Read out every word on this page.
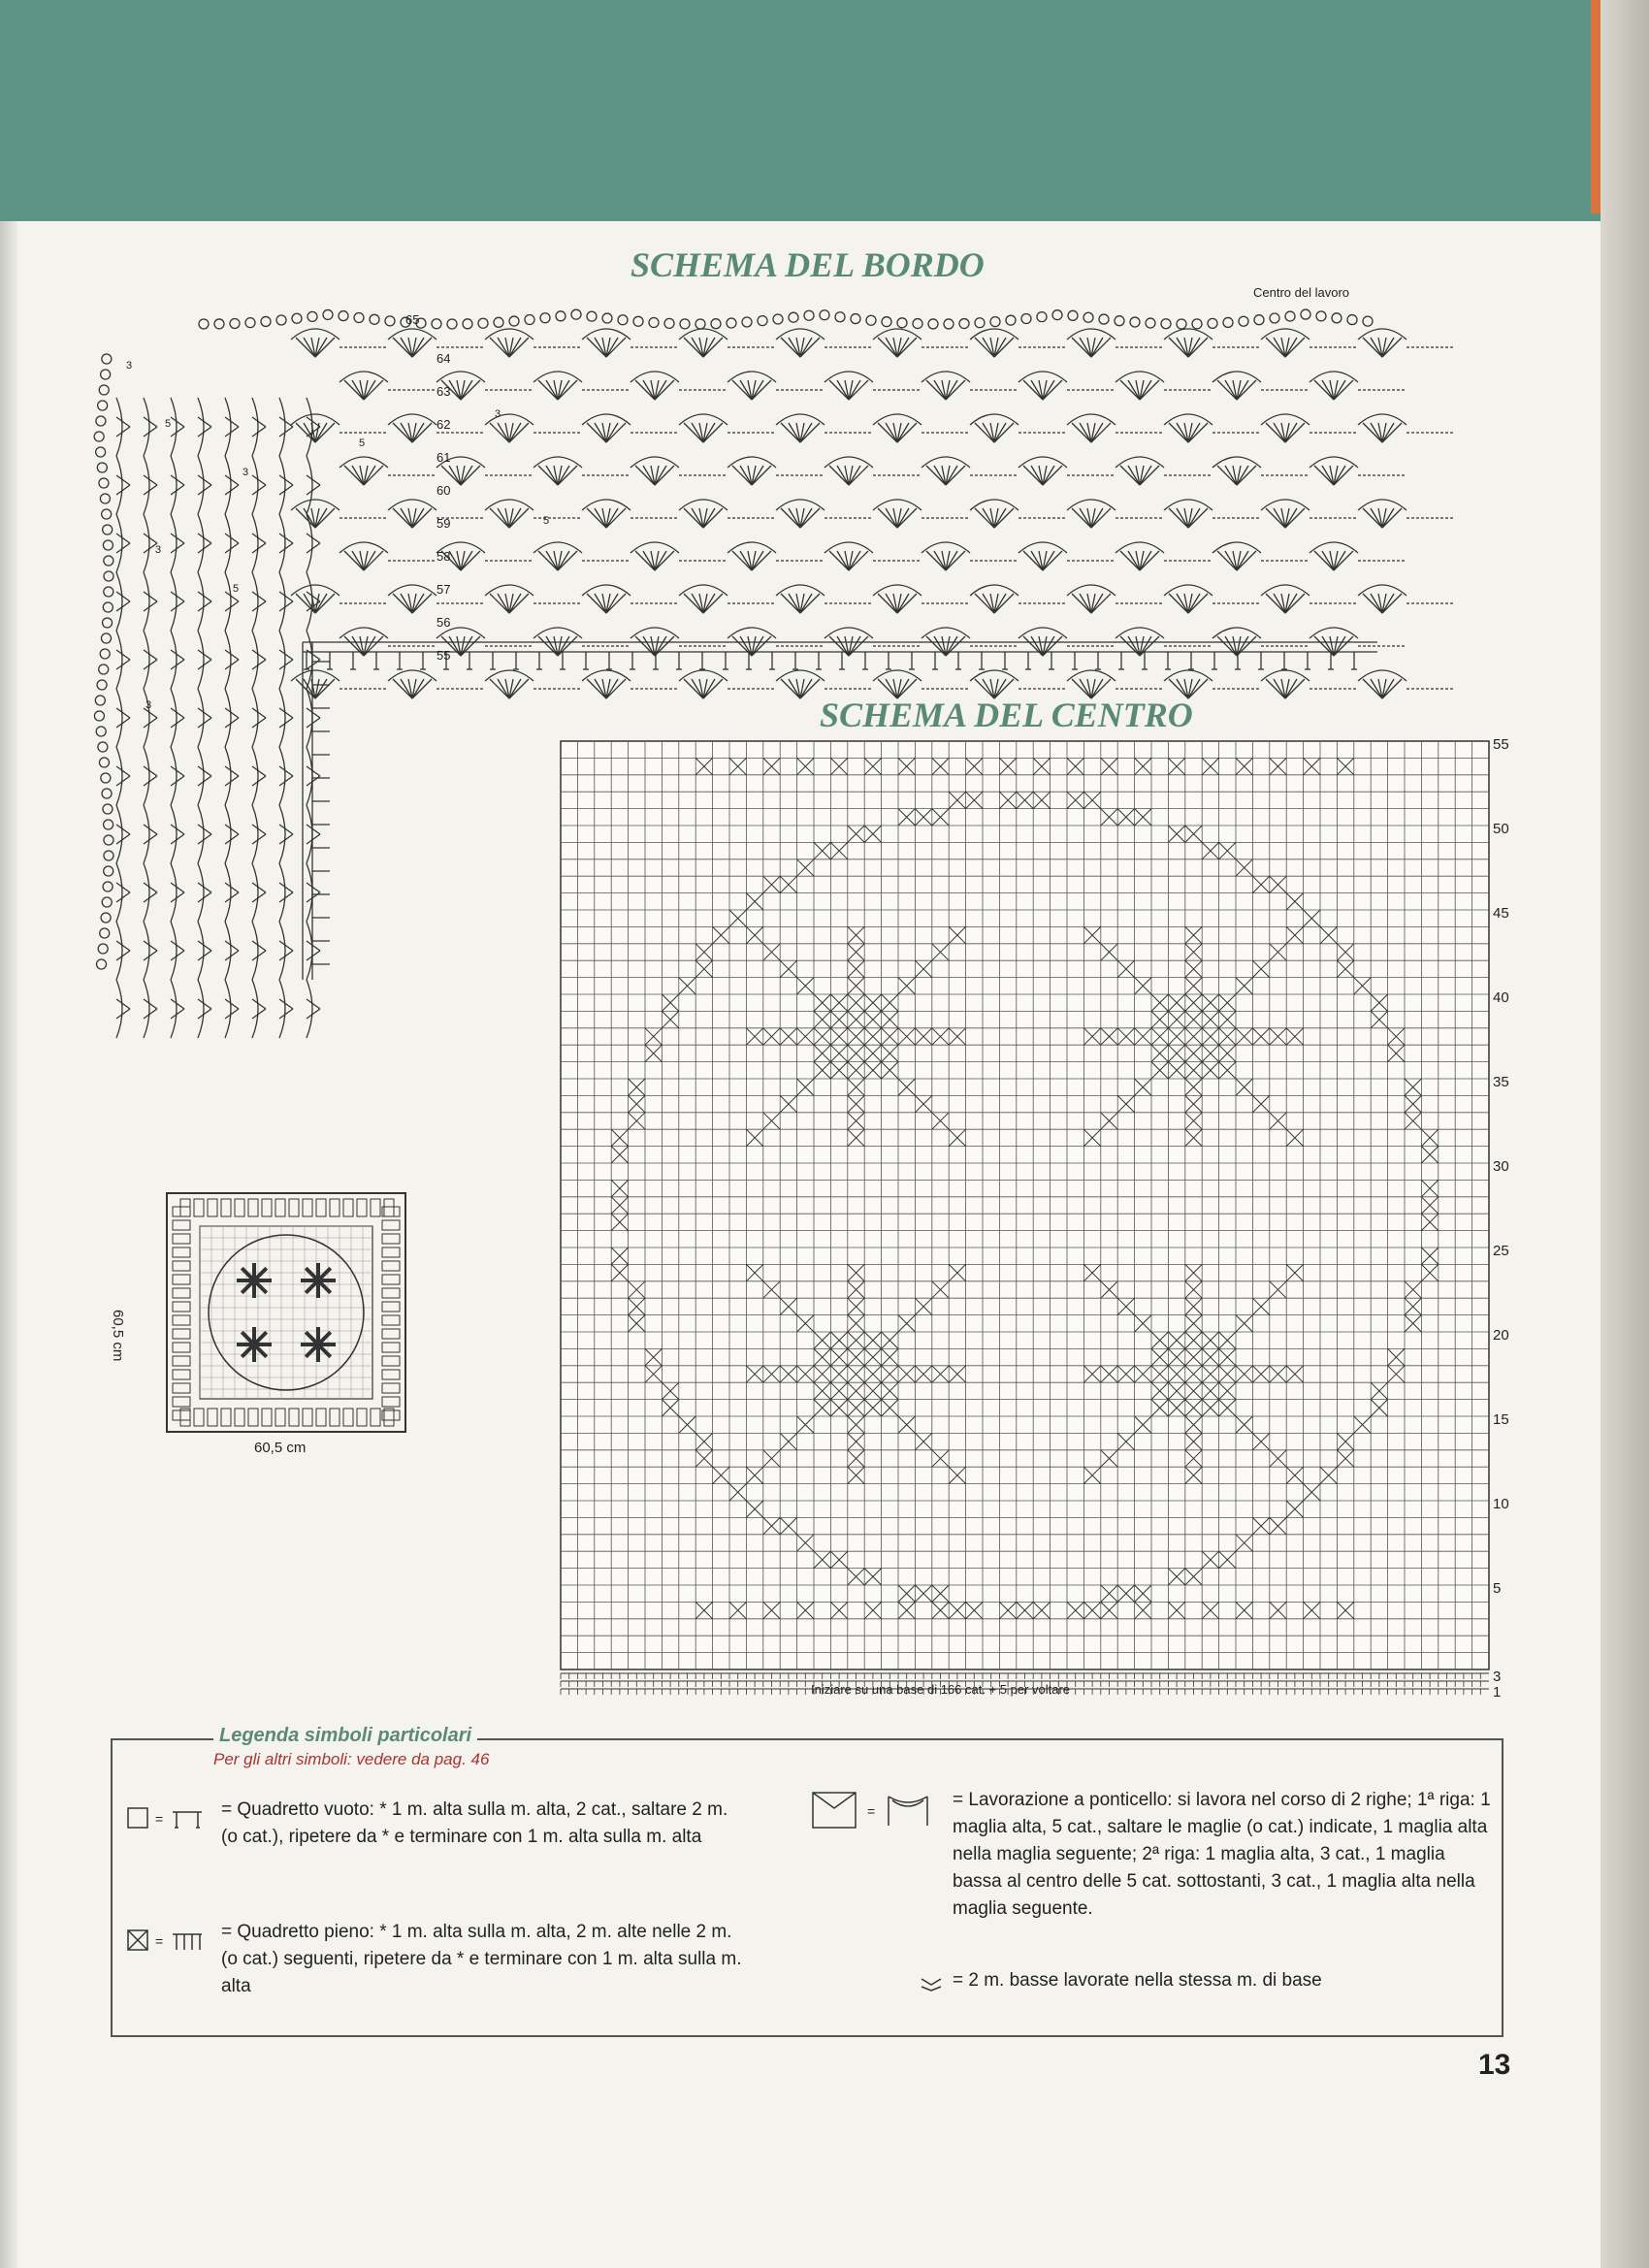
SCHEMA DEL BORDO
Centro del lavoro
SCHEMA DEL CENTRO
65
64
63
62
61
60
59
58
57
56
55
3
5
3
5
3
5
3
5
3
55
50
45
40
35
30
25
20
15
10
5
3
1
Iniziare su una base di 166 cat. + 5 per voltare
60,5 cm
60,5 cm
Legenda simboli particolari
Per gli altri simboli: vedere da pag. 46
=	= Quadretto vuoto: * 1 m. alta sulla m. alta, 2 cat., saltare 2 m. (o cat.), ripetere da * e terminare con 1 m. alta sulla m. alta
=	= Quadretto pieno: * 1 m. alta sulla m. alta, 2 m. alte nelle 2 m. (o cat.) seguenti, ripetere da * e terminare con 1 m. alta sulla m. alta
=
= Lavorazione a ponticello: si lavora nel corso di 2 righe; 1ª riga: 1 maglia alta, 5 cat., saltare le maglie (o cat.) indicate, 1 maglia alta nella maglia seguente; 2ª riga: 1 maglia alta, 3 cat., 1 maglia bassa al centro delle 5 cat. sottostanti, 3 cat., 1 maglia alta nella maglia seguente.
= 2 m. basse lavorate nella stessa m. di base
13
